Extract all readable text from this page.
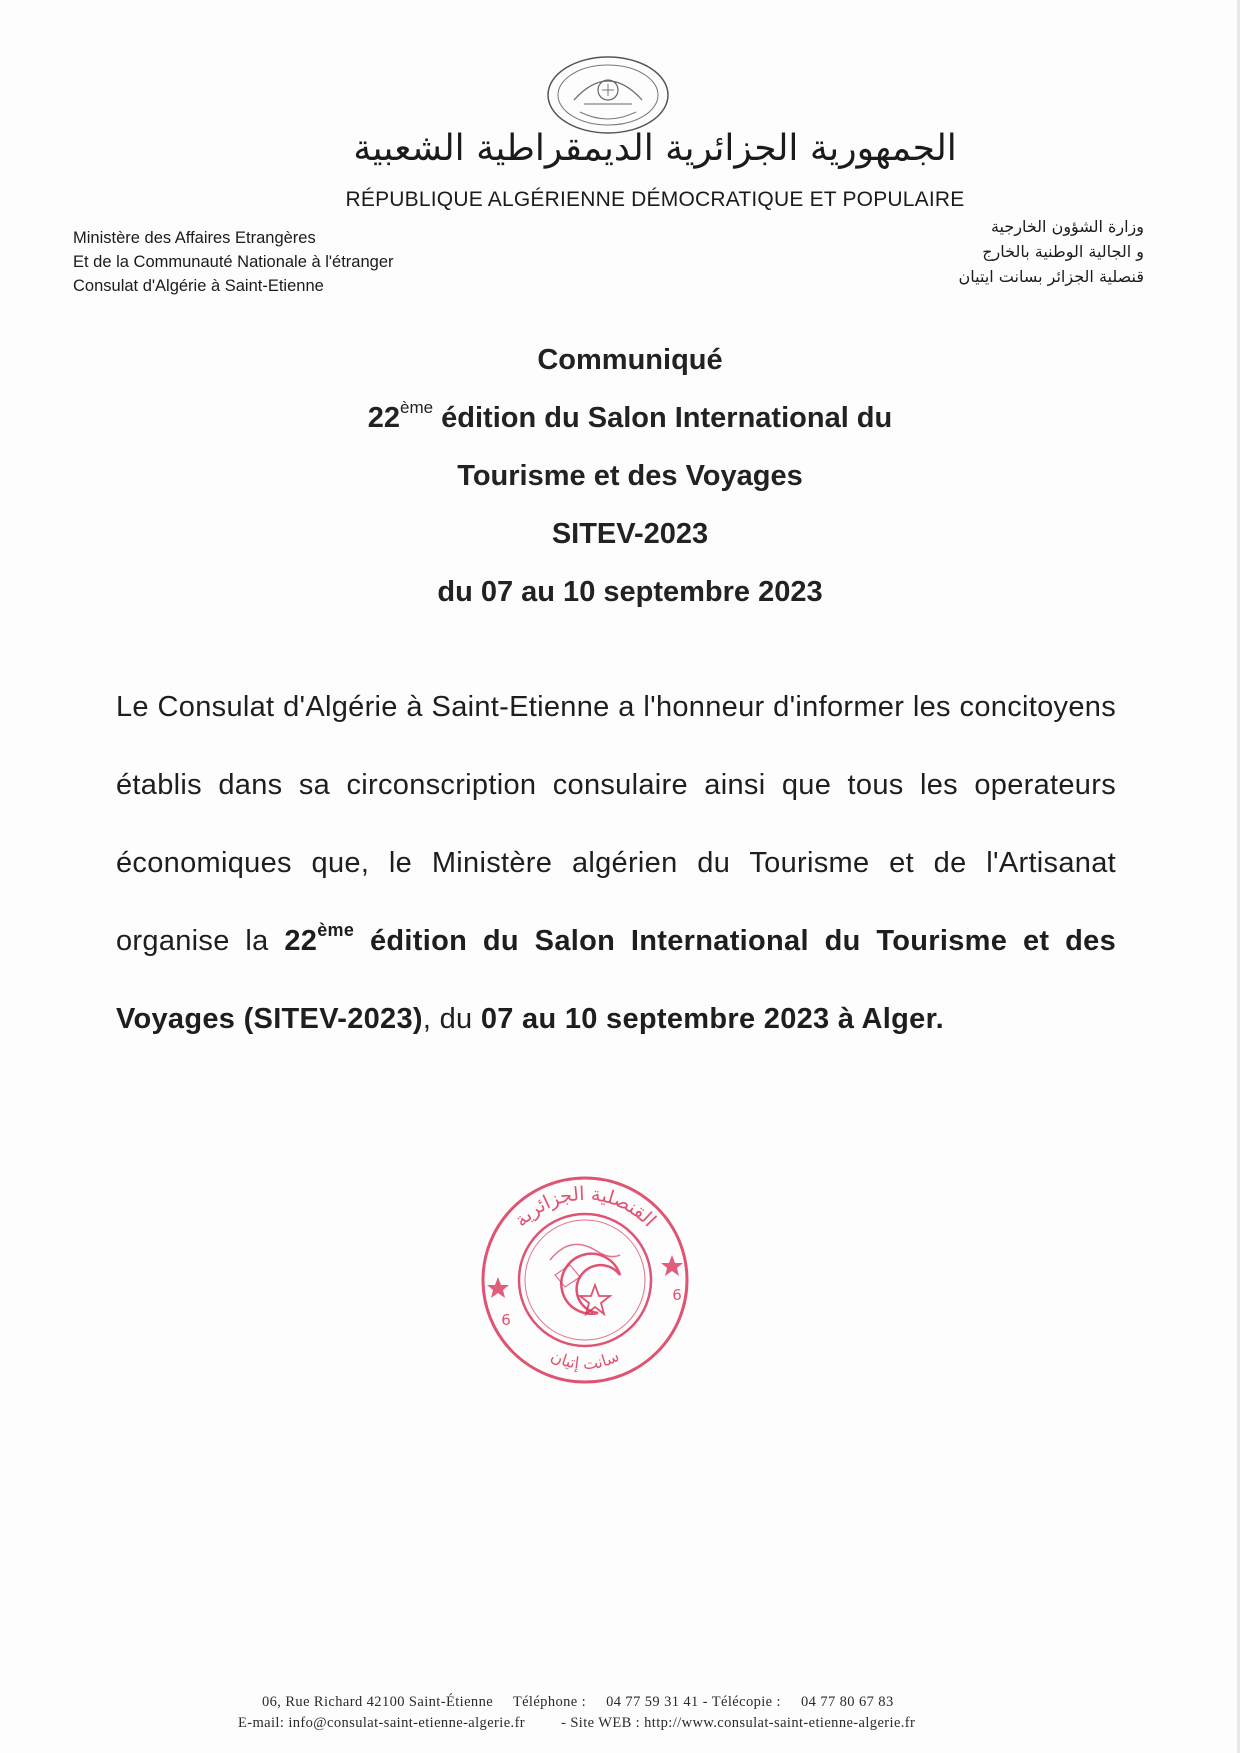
الجمهورية الجزائرية الديمقراطية الشعبية
RÉPUBLIQUE ALGÉRIENNE DÉMOCRATIQUE ET POPULAIRE
Ministère des Affaires Etrangères
Et de la Communauté Nationale à l'étranger
Consulat d'Algérie à Saint-Etienne
وزارة الشؤون الخارجية
و الجالية الوطنية بالخارج
قنصلية الجزائر بسانت ايتيان
Communiqué
22ème édition du Salon International du
Tourisme et des Voyages
SITEV-2023
du 07 au 10 septembre 2023
Le Consulat d'Algérie à Saint-Etienne a l'honneur d'informer les concitoyens établis dans sa circonscription consulaire ainsi que tous les operateurs économiques que, le Ministère algérien du Tourisme et de l'Artisanat organise la 22ème édition du Salon International du Tourisme et des Voyages (SITEV-2023), du 07 au 10 septembre 2023 à Alger.
القنصلية الجزائرية
سانت إتيان
6
6
06, Rue Richard 42100 Saint-Étienne Téléphone : 04 77 59 31 41 - Télécopie : 04 77 80 67 83
E-mail: info@consulat-saint-etienne-algerie.fr - Site WEB : http://www.consulat-saint-etienne-algerie.fr
